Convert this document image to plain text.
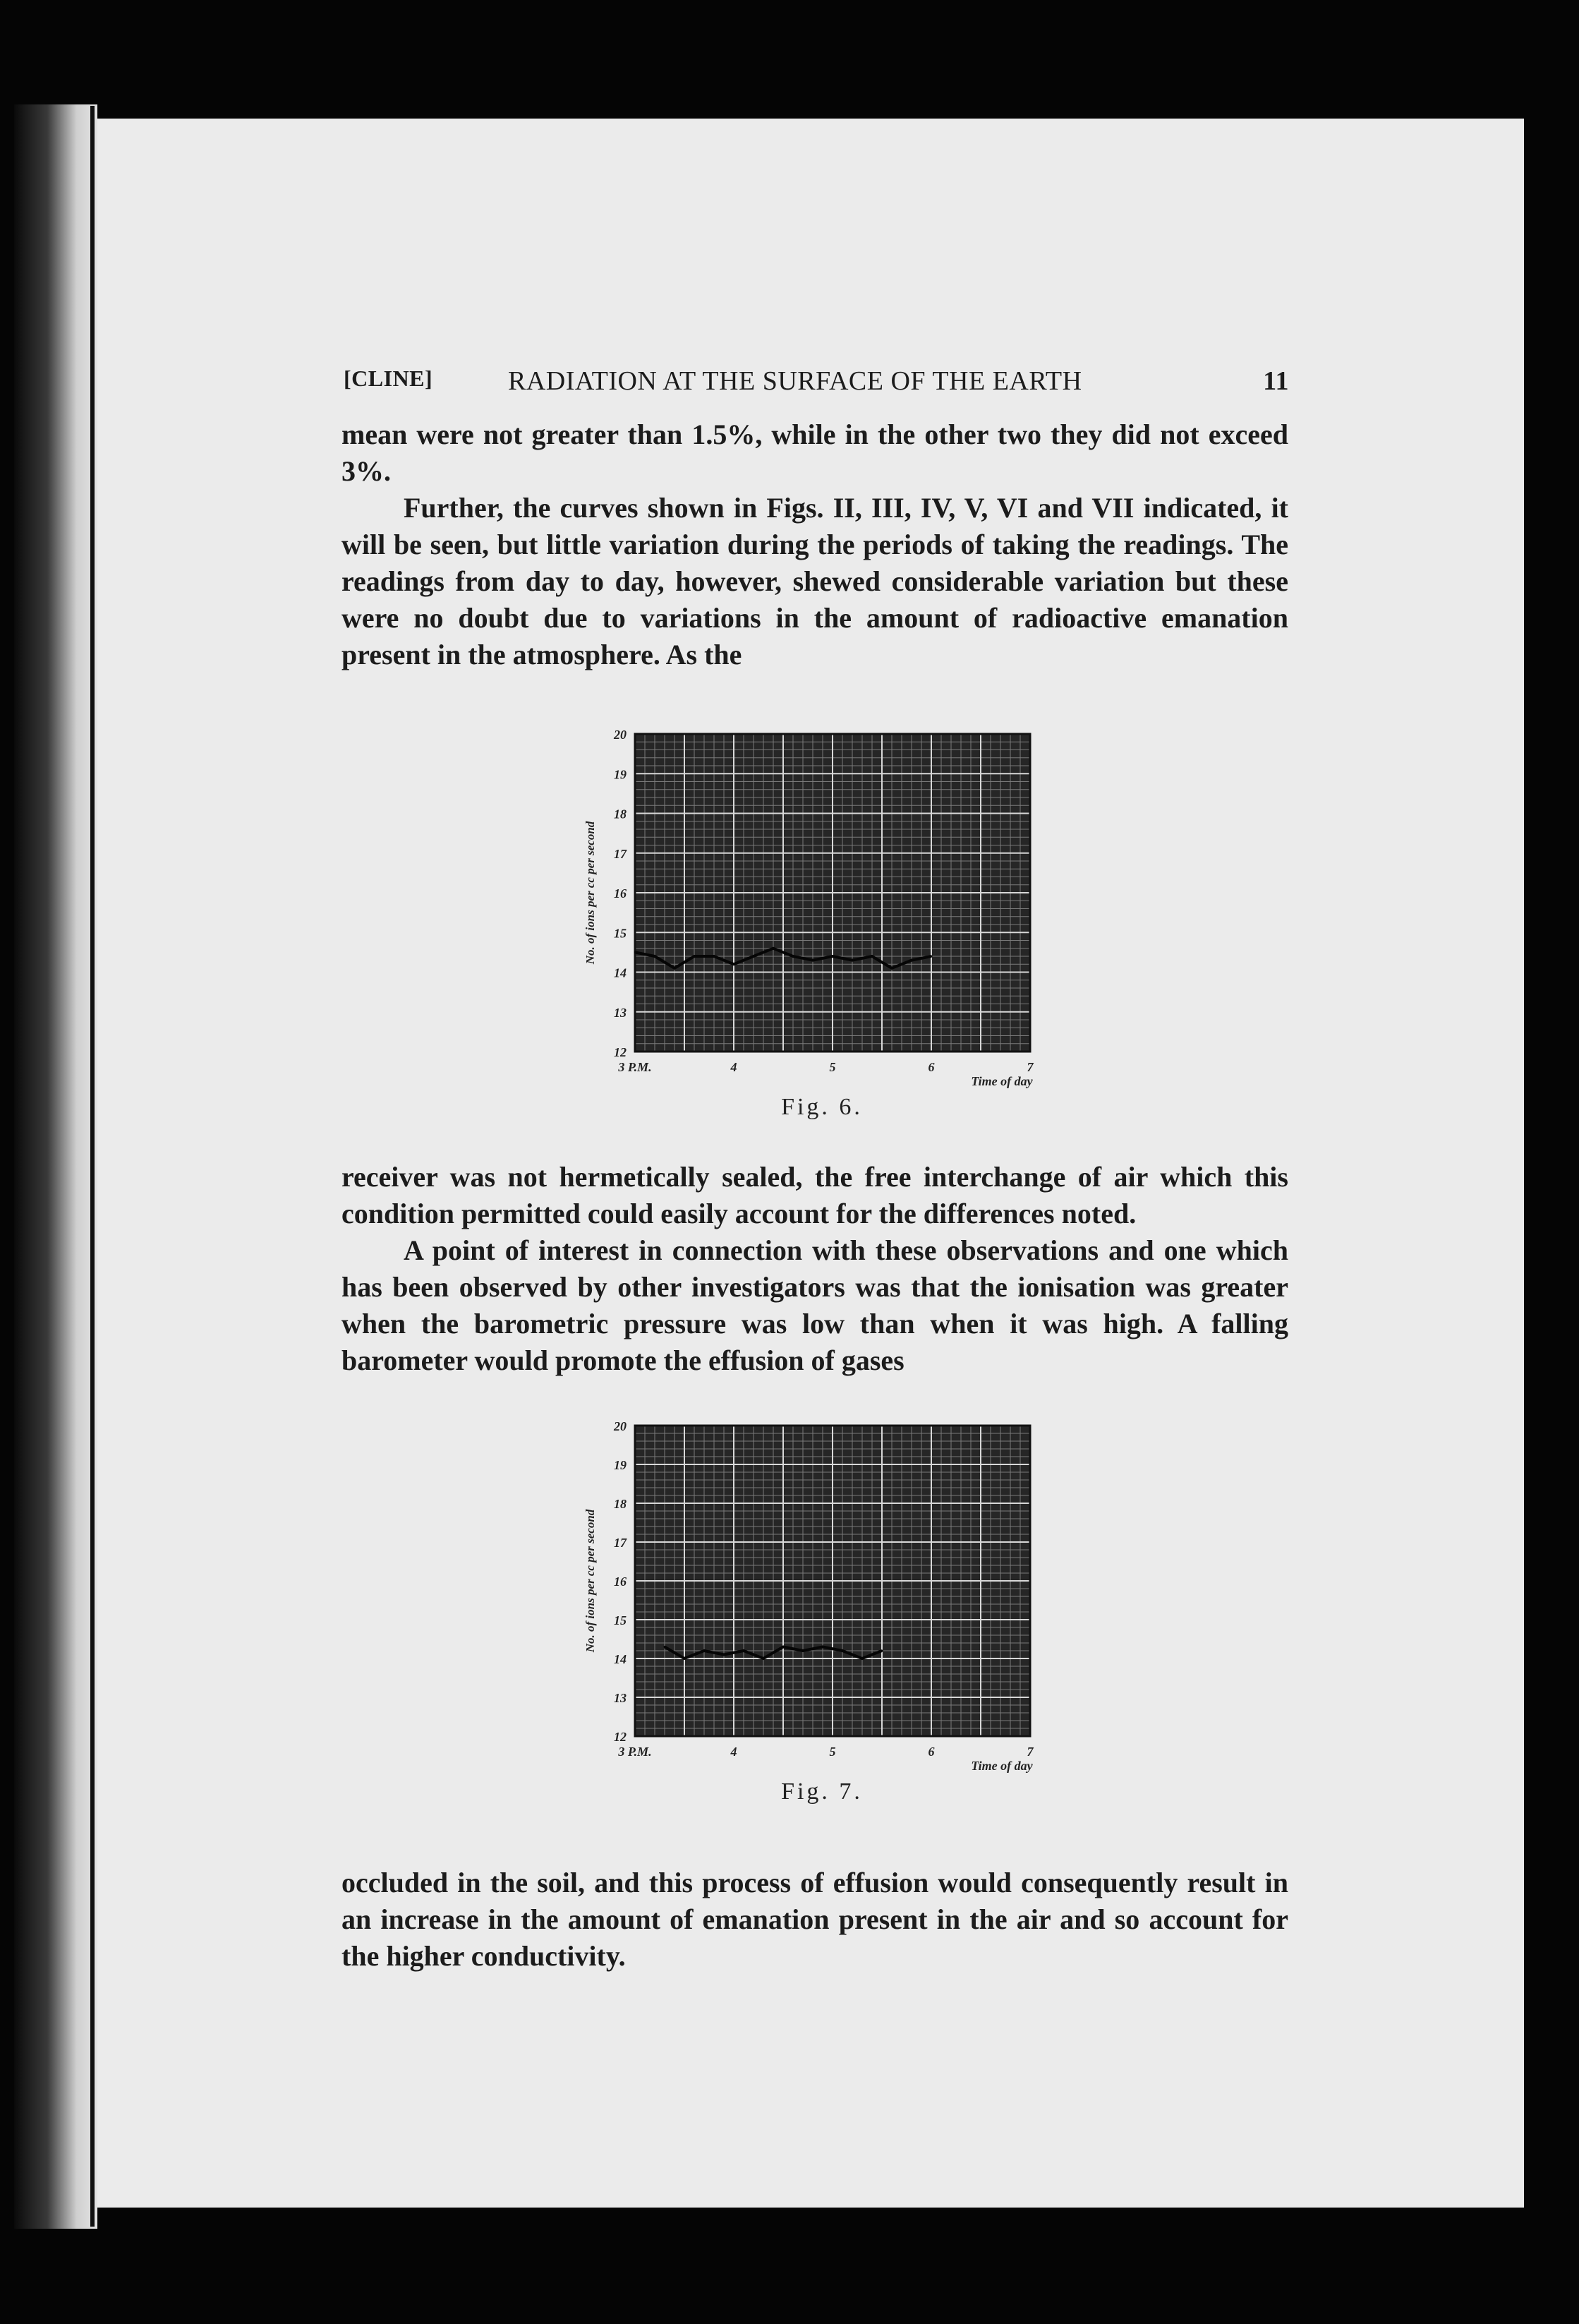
[CLINE]	RADIATION AT THE SURFACE OF THE EARTH	11

mean were not greater than 1.5%, while in the other two they did not exceed 3%.

Further, the curves shown in Figs. II, III, IV, V, VI and VII indicated, it will be seen, but little variation during the periods of taking the readings. The readings from day to day, however, shewed considerable variation but these were no doubt due to variations in the amount of radioactive emanation present in the atmosphere. As the

12
13
14
15
16
17
18
19
20
3 P.M.	4	5	6	7
Time of day
No. of ions per cc per second
Fig. 6.

receiver was not hermetically sealed, the free interchange of air which this condition permitted could easily account for the differences noted.

A point of interest in connection with these observations and one which has been observed by other investigators was that the ionisation was greater when the barometric pressure was low than when it was high. A falling barometer would promote the effusion of gases

12
13
14
15
16
17
18
19
20
3 P.M.	4	5	6	7
Time of day
No. of ions per cc per second
Fig. 7.

occluded in the soil, and this process of effusion would consequently result in an increase in the amount of emanation present in the air and so account for the higher conductivity.
